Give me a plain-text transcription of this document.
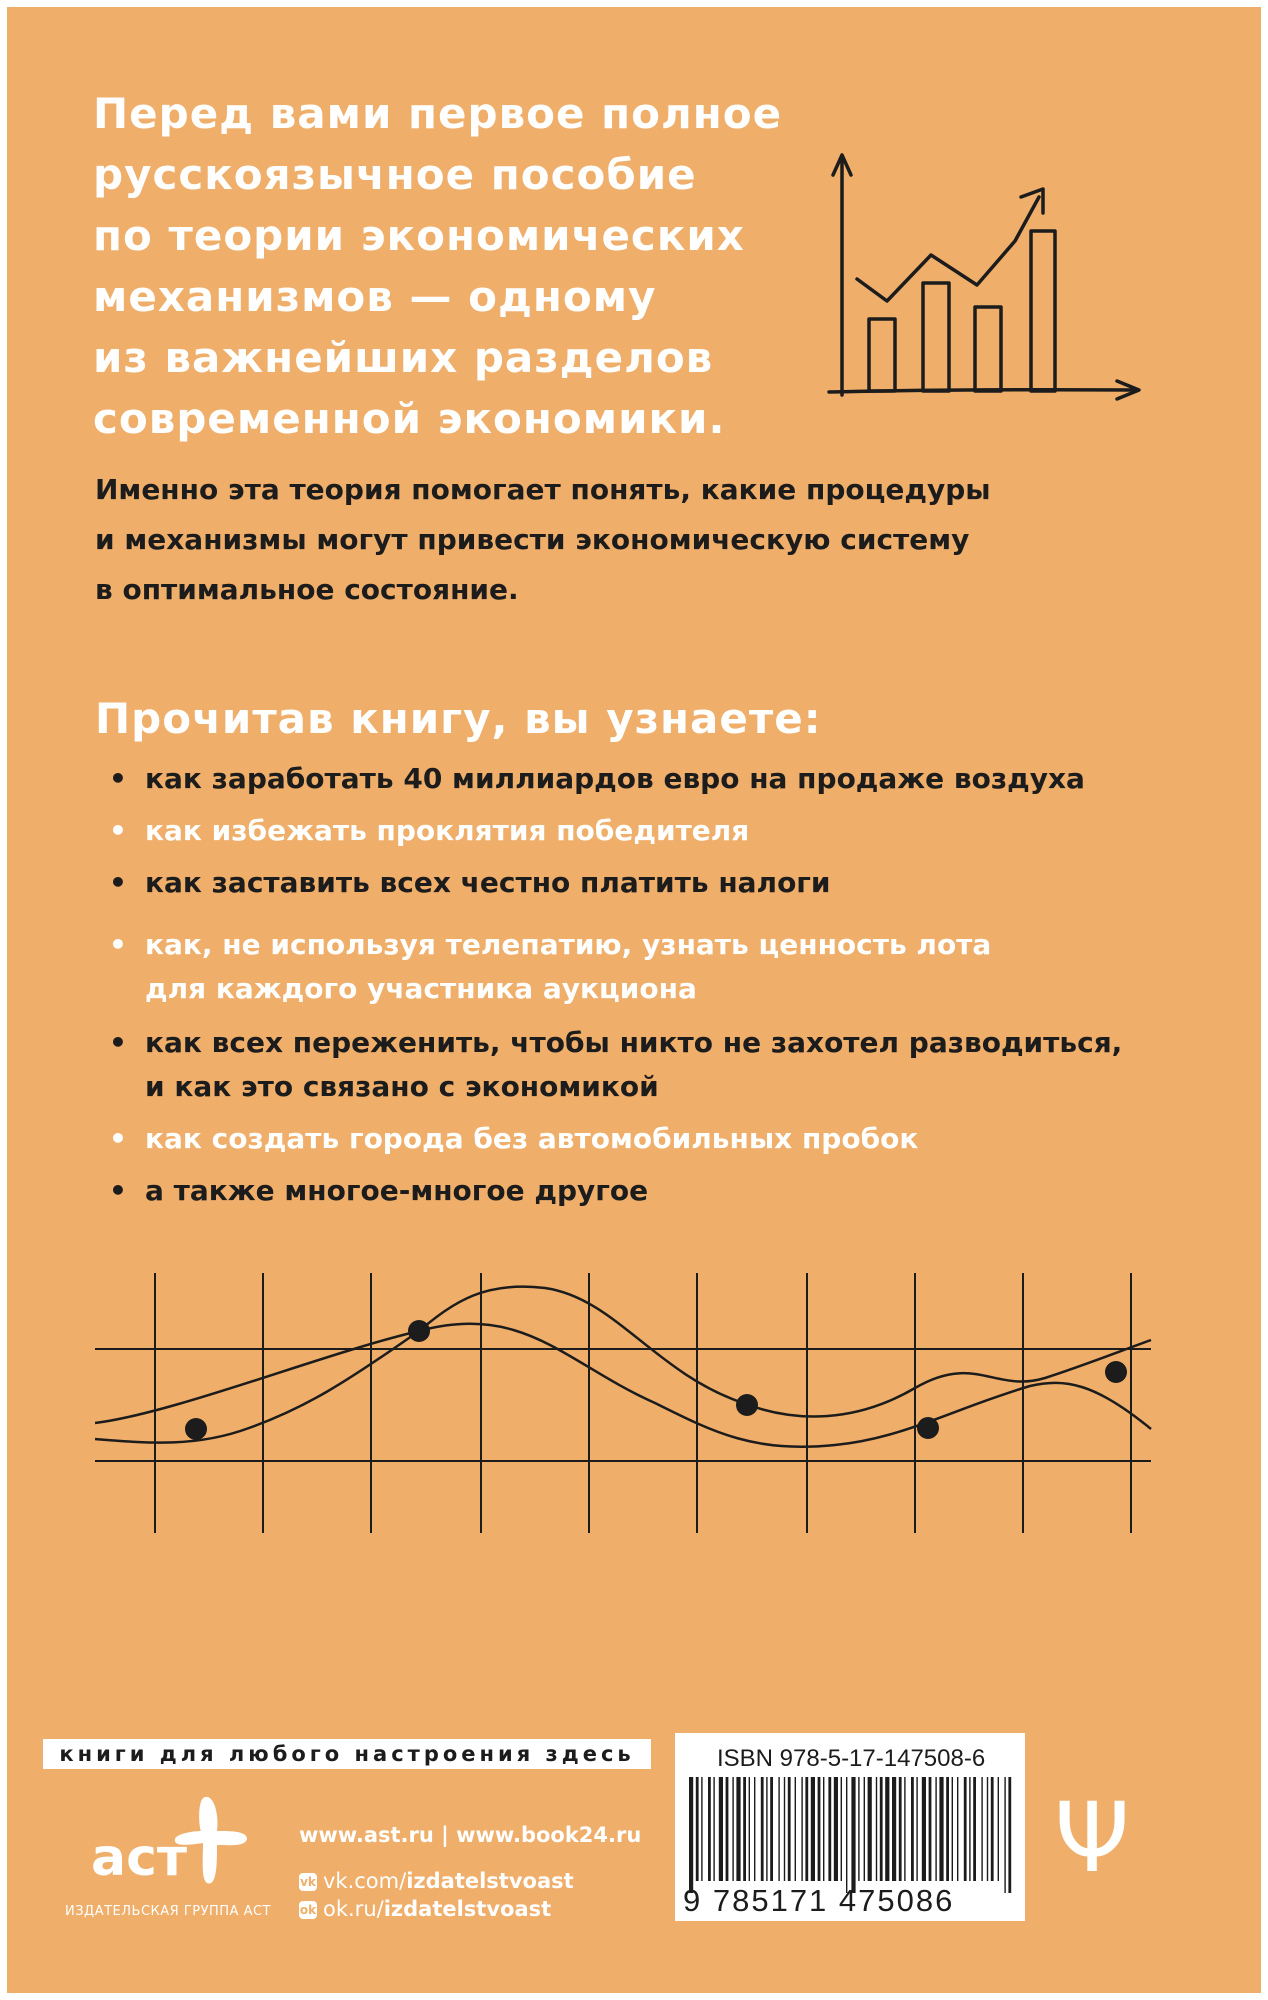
Перед вами первое полное
русскоязычное пособие
по теории экономических
механизмов — одному
из важнейших разделов
современной экономики.

Именно эта теория помогает понять, какие процедуры
и механизмы могут привести экономическую систему
в оптимальное состояние.

Прочитав книгу, вы узнаете:
• как заработать 40 миллиардов евро на продаже воздуха
• как избежать проклятия победителя
• как заставить всех честно платить налоги
• как, не используя телепатию, узнать ценность лота
для каждого участника аукциона
• как всех переженить, чтобы никто не захотел разводиться,
и как это связано с экономикой
• как создать города без автомобильных пробок
• а также многое-многое другое
книги для любого настроения здесь
аст
ИЗДАТЕЛЬСКАЯ ГРУППА АСТ
www.ast.ru | www.book24.ru
vk vk.com/izdatelstvoast
ok ok.ru/izdatelstvoast
ISBN 978-5-17-147508-6
9 785171 475086
Ψ
